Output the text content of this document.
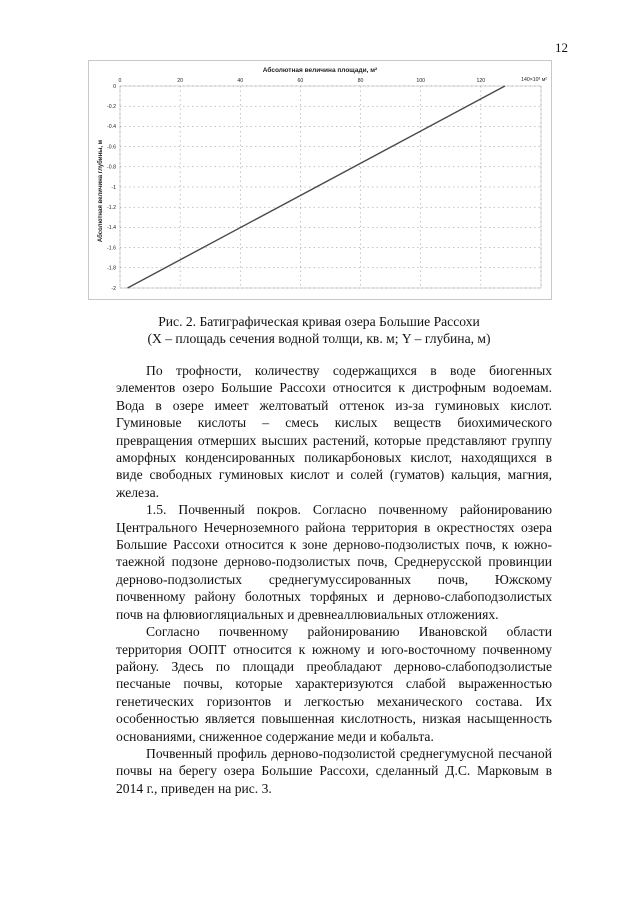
12
Абсолютная величина площади, м²
140×10³ м²
Абсолютная величина глубины, м
0	20	40	60	80	100	120
0
-0.2
-0.4
-0.6
-0.8
-1
-1.2
-1.4
-1.6
-1.8
-2
Рис. 2. Батиграфическая кривая озера Большие Рассохи
(X – площадь сечения водной толщи, кв. м; Y – глубина, м)

По трофности, количеству содержащихся в воде биогенных элементов озеро Большие Рассохи относится к дистрофным водоемам. Вода в озере имеет желтоватый оттенок из-за гуминовых кислот. Гуминовые кислоты – смесь кислых веществ биохимического превращения отмерших высших растений, которые представляют группу аморфных конденсированных поликарбоновых кислот, находящихся в виде свободных гуминовых кислот и солей (гуматов) кальция, магния, железа.

1.5. Почвенный покров. Согласно почвенному районированию Центрального Нечерноземного района территория в окрестностях озера Большие Рассохи относится к зоне дерново-подзолистых почв, к южно-таежной подзоне дерново-подзолистых почв, Среднерусской провинции дерново-подзолистых среднегумуссированных почв, Южскому почвенному району болотных торфяных и дерново-слабоподзолистых почв на флювиогляциальных и древнеаллювиальных отложениях.

Согласно почвенному районированию Ивановской области территория ООПТ относится к южному и юго-восточному почвенному району. Здесь по площади преобладают дерново-слабоподзолистые песчаные почвы, которые характеризуются слабой выраженностью генетических горизонтов и легкостью механического состава. Их особенностью является повышенная кислотность, низкая насыщенность основаниями, сниженное содержание меди и кобальта.

Почвенный профиль дерново-подзолистой среднегумусной песчаной почвы на берегу озера Большие Рассохи, сделанный Д.С. Марковым в 2014 г., приведен на рис. 3.
